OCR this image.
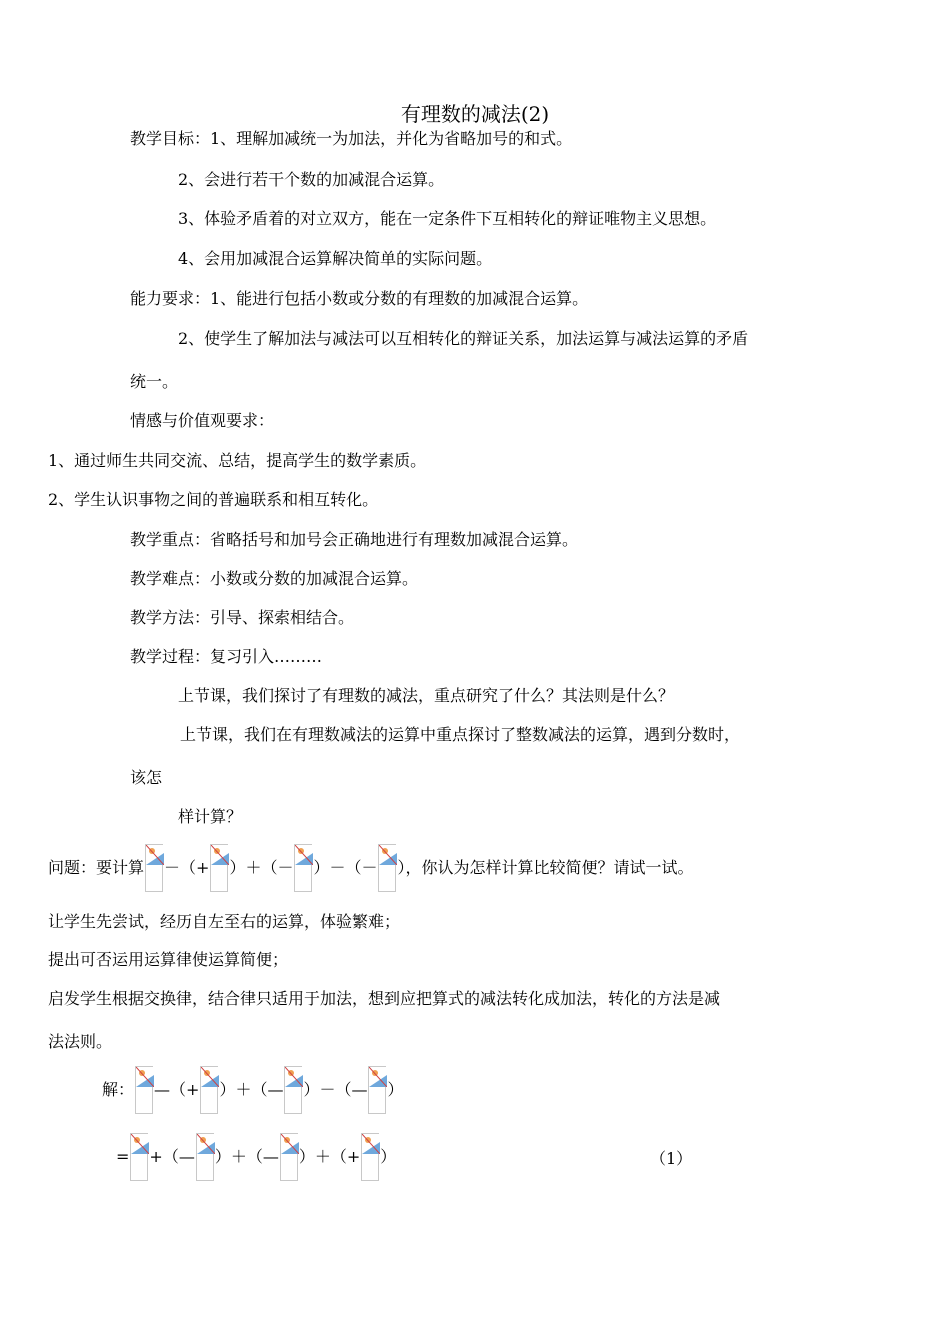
有理数的减法(2)
教学目标：1、理解加减统一为加法，并化为省略加号的和式。
2、会进行若干个数的加减混合运算。
3、体验矛盾着的对立双方，能在一定条件下互相转化的辩证唯物主义思想。
4、会用加减混合运算解决简单的实际问题。
能力要求：1、能进行包括小数或分数的有理数的加减混合运算。
2、使学生了解加法与减法可以互相转化的辩证关系，加法运算与减法运算的矛盾
统一。
情感与价值观要求：
1、通过师生共同交流、总结，提高学生的数学素质。
2、学生认识事物之间的普遍联系和相互转化。
教学重点：省略括号和加号会正确地进行有理数加减混合运算。
教学难点：小数或分数的加减混合运算。
教学方法：引导、探索相结合。
教学过程：复习引入………
上节课，我们探讨了有理数的减法，重点研究了什么？其法则是什么？
上节课，我们在有理数减法的运算中重点探讨了整数减法的运算，遇到分数时，
该怎
样计算？
问题：要计算 －（+ ）＋（－ ）－（－ ），你认为怎样计算比较简便？请试一试。
让学生先尝试，经历自左至右的运算，体验繁难；
提出可否运用运算律使运算简便；
启发学生根据交换律，结合律只适用于加法，想到应把算式的减法转化成加法，转化的方法是减
法法则。
解： —（+ ）＋（— ）－（— ）
= +（— ）＋（— ）＋（+ ）	（1）
